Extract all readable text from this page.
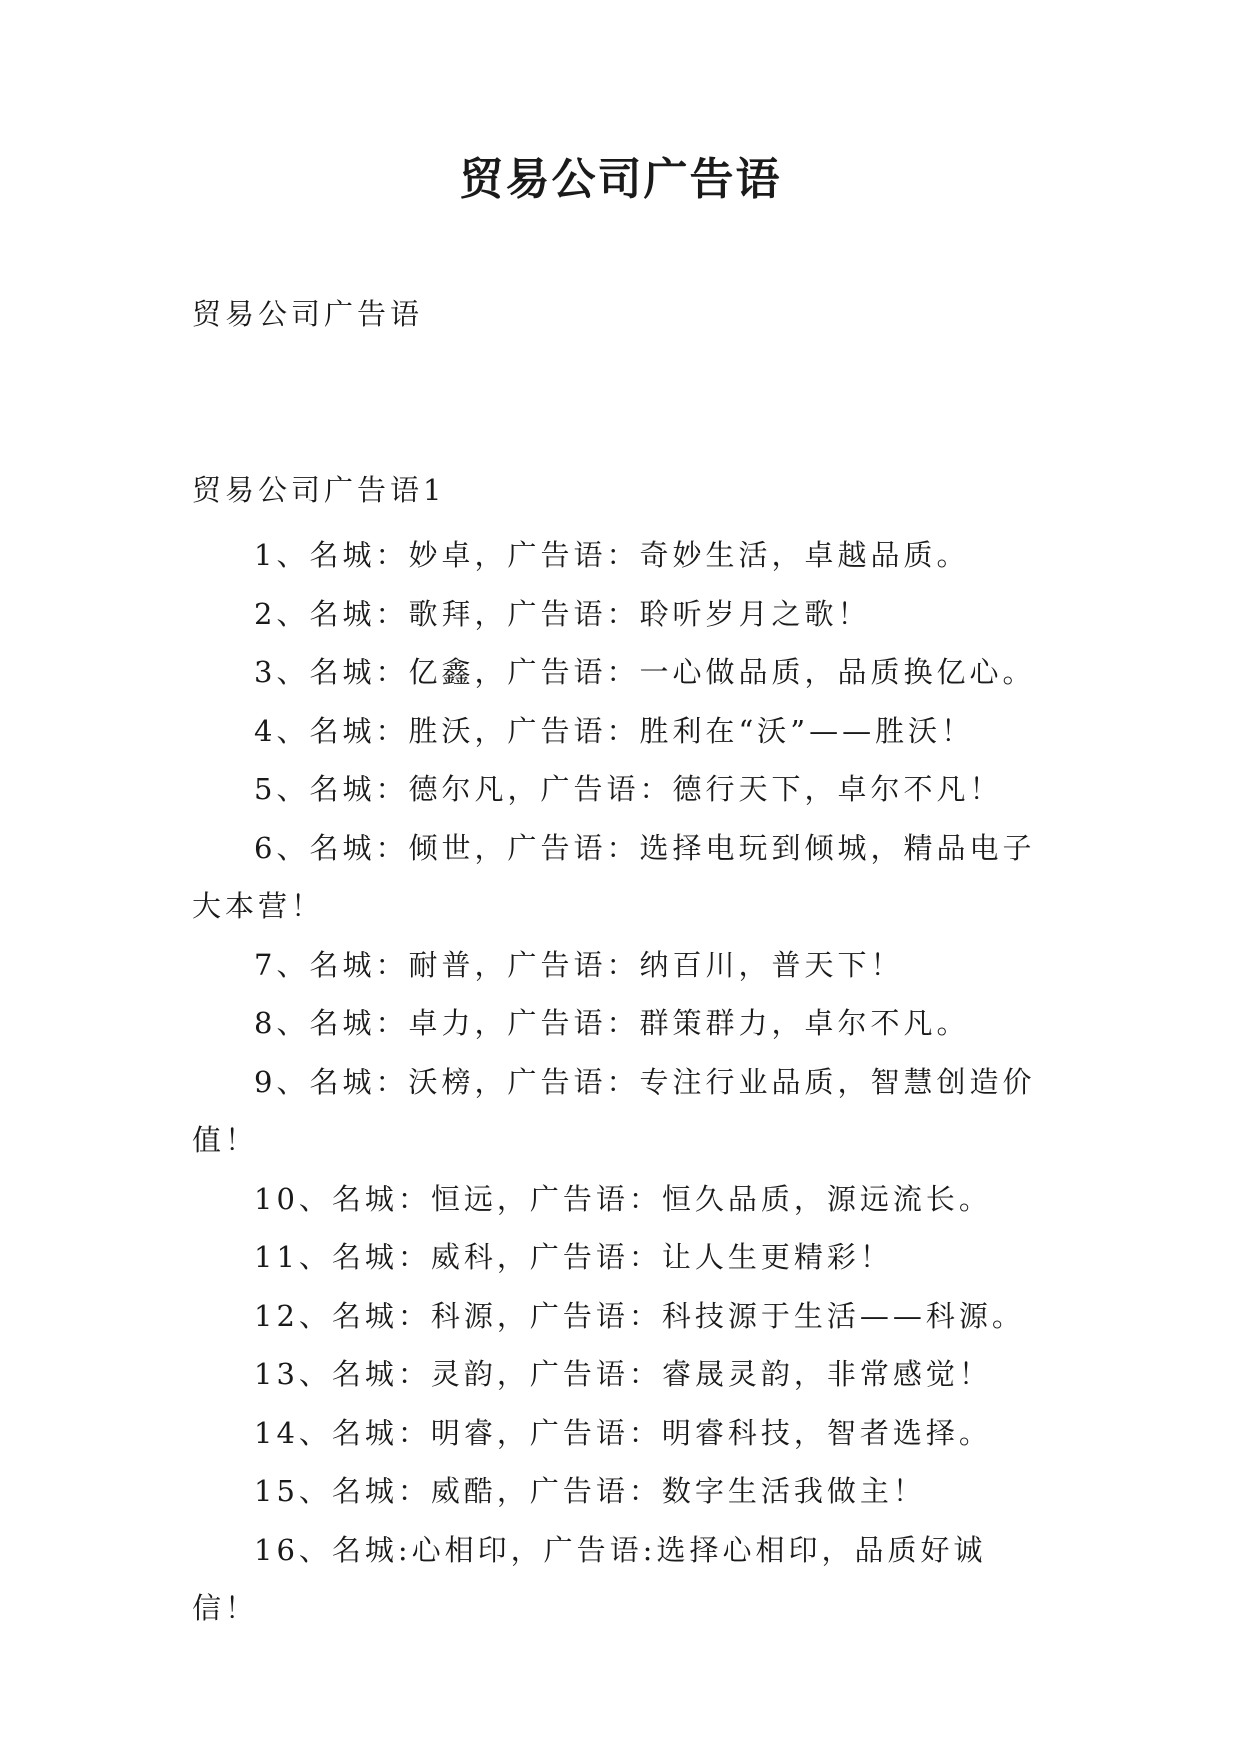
贸易公司广告语
贸易公司广告语
贸易公司广告语1

1、名城：妙卓，广告语：奇妙生活，卓越品质。

2、名城：歌拜，广告语：聆听岁月之歌！

3、名城：亿鑫，广告语：一心做品质，品质换亿心。

4、名城：胜沃，广告语：胜利在“沃”——胜沃！

5、名城：德尔凡，广告语：德行天下，卓尔不凡！

6、名城：倾世，广告语：选择电玩到倾城，精品电子大本营！

7、名城：耐普，广告语：纳百川，普天下！

8、名城：卓力，广告语：群策群力，卓尔不凡。

9、名城：沃榜，广告语：专注行业品质，智慧创造价值！

10、名城：恒远，广告语：恒久品质，源远流长。

11、名城：威科，广告语：让人生更精彩！

12、名城：科源，广告语：科技源于生活——科源。

13、名城：灵韵，广告语：睿晟灵韵，非常感觉！

14、名城：明睿，广告语：明睿科技，智者选择。

15、名城：威酷，广告语：数字生活我做主！

16、名城:心相印，广告语:选择心相印，品质好诚信！
